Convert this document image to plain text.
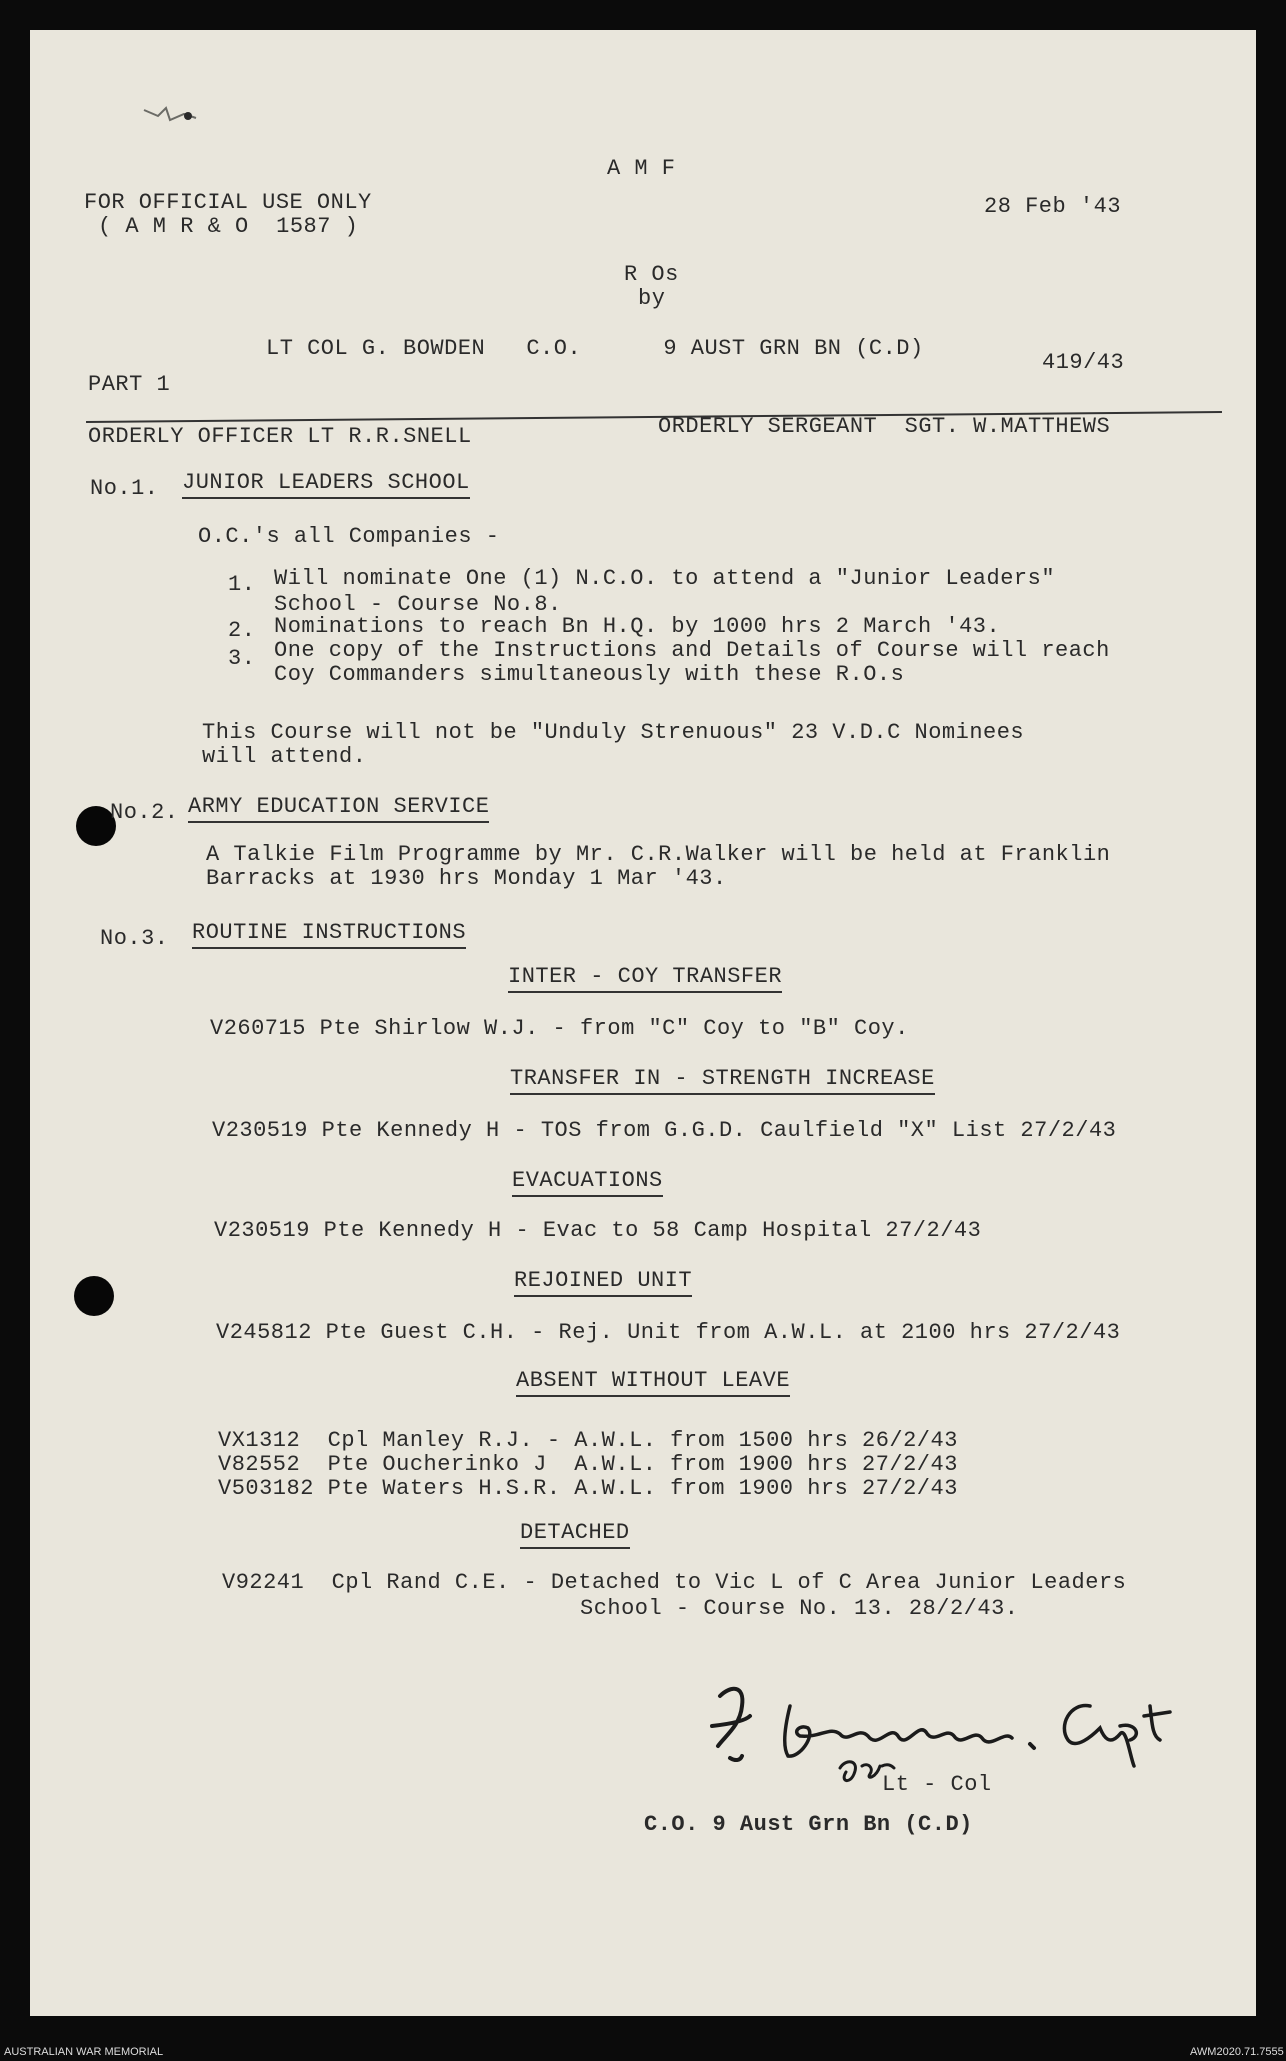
A M F
FOR OFFICIAL USE ONLY
( A M R & O  1587 )
28 Feb '43
R Os
by
LT COL G. BOWDEN   C.O.      9 AUST GRN BN (C.D)
419/43
PART 1
ORDERLY OFFICER LT R.R.SNELL	ORDERLY SERGEANT  SGT. W.MATTHEWS
No.1. JUNIOR LEADERS SCHOOL
O.C.'s all Companies -
1. Will nominate One (1) N.C.O. to attend a "Junior Leaders"
School - Course No.8.
2. Nominations to reach Bn H.Q. by 1000 hrs 2 March '43.
3. One copy of the Instructions and Details of Course will reach
Coy Commanders simultaneously with these R.O.s
This Course will not be "Unduly Strenuous" 23 V.D.C Nominees
will attend.
No.2. ARMY EDUCATION SERVICE
A Talkie Film Programme by Mr. C.R.Walker will be held at Franklin
Barracks at 1930 hrs Monday 1 Mar '43.
No.3. ROUTINE INSTRUCTIONS
INTER - COY TRANSFER
V260715 Pte Shirlow W.J. - from "C" Coy to "B" Coy.
TRANSFER IN - STRENGTH INCREASE
V230519 Pte Kennedy H - TOS from G.G.D. Caulfield "X" List 27/2/43
EVACUATIONS
V230519 Pte Kennedy H - Evac to 58 Camp Hospital 27/2/43
REJOINED UNIT
V245812 Pte Guest C.H. - Rej. Unit from A.W.L. at 2100 hrs 27/2/43
ABSENT WITHOUT LEAVE
VX1312  Cpl Manley R.J. - A.W.L. from 1500 hrs 26/2/43
V82552  Pte Oucherinko J  A.W.L. from 1900 hrs 27/2/43
V503182 Pte Waters H.S.R. A.W.L. from 1900 hrs 27/2/43
DETACHED
V92241  Cpl Rand C.E. - Detached to Vic L of C Area Junior Leaders
School - Course No. 13. 28/2/43.
Lt - Col
C.O. 9 Aust Grn Bn (C.D)
AUSTRALIAN WAR MEMORIAL	AWM2020.71.7555
